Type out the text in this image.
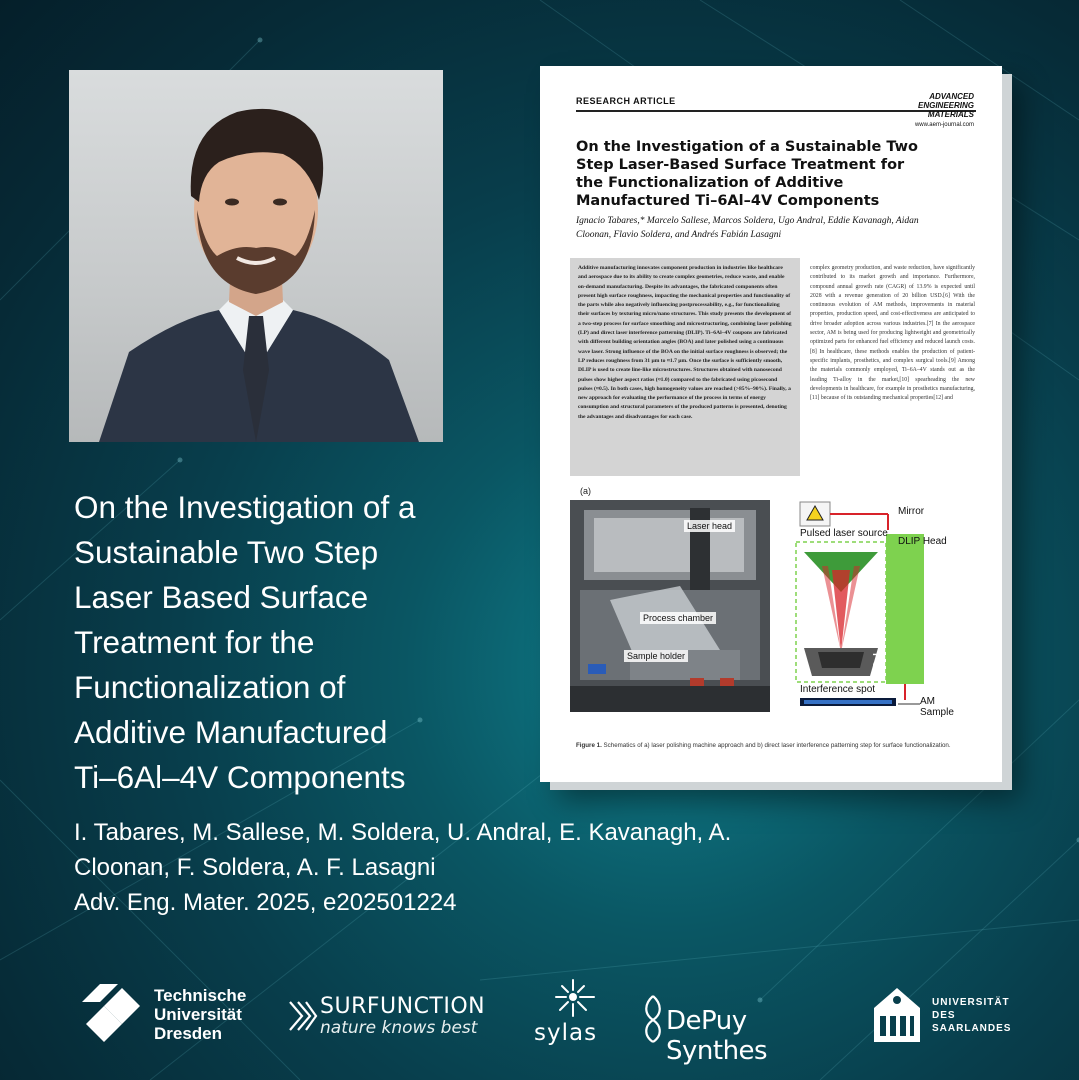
On the Investigation of a
Sustainable Two Step
Laser Based Surface
Treatment for the
Functionalization of
Additive Manufactured
Ti–6Al–4V Components
I. Tabares, M. Sallese, M. Soldera, U. Andral, E. Kavanagh, A.
Cloonan, F. Soldera, A. F. Lasagni
Adv. Eng. Mater. 2025, e202501224
RESEARCH ARTICLE	ADVANCED
ENGINEERING
MATERIALS
www.aem-journal.com
On the Investigation of a Sustainable Two Step Laser-Based Surface Treatment for the Functionalization of Additive Manufactured Ti–6Al–4V Components
Ignacio Tabares,* Marcelo Sallese, Marcos Soldera, Ugo Andral, Eddie Kavanagh, Aidan Cloonan, Flavio Soldera, and Andrés Fabián Lasagni
Additive manufacturing innovates component production in industries like healthcare and aerospace due to its ability to create complex geometries, reduce waste, and enable on-demand manufacturing. Despite its advantages, the fabricated components often present high surface roughness, impacting the mechanical properties and functionality of the parts while also negatively influencing postprocessability, e.g., for functionalizing their surfaces by texturing micro/nano structures. This study presents the development of a two-step process for surface smoothing and microstructuring, combining laser polishing (LP) and direct laser interference patterning (DLIP). Ti–6Al–4V coupons are fabricated with different building orientation angles (BOA) and later polished using a continuous wave laser. Strong influence of the BOA on the initial surface roughness is observed; the LP reduces roughness from 31 µm to ≈1.7 µm. Once the surface is sufficiently smooth, DLIP is used to create line-like microstructures. Structures obtained with nanosecond pulses show higher aspect ratios (≈1.0) compared to the fabricated using picosecond pulses (≈0.5). In both cases, high homogeneity values are reached (>85%–90%). Finally, a new approach for evaluating the performance of the process in terms of energy consumption and structural parameters of the produced patterns is presented, denoting the advantages and disadvantages for each case.
complex geometry production, and waste reduction, have significantly contributed to its market growth and importance. Furthermore, compound annual growth rate (CAGR) of 13.9% is expected until 2028 with a revenue generation of 20 billion USD.[6] With the continuous evolution of AM methods, improvements in material properties, production speed, and cost-effectiveness are anticipated to drive broader adoption across various industries.[7] In the aerospace sector, AM is being used for producing lightweight and geometrically optimized parts for enhanced fuel efficiency and reduced launch costs.[8] In healthcare, these methods enables the production of patient-specific implants, prosthetics, and complex surgical tools.[9] Among the materials commonly employed, Ti–6A–4V stands out as the leading Ti-alloy in the market,[10] spearheading the new developments in healthcare, for example in prosthetics manufacturing,[11] because of its outstanding mechanical properties[12] and
(a)
Laser head
Process chamber
Sample holder
Mirror
Pulsed laser source
DLIP Head
ELIPSYS
Interference spot
AM Sample
Figure 1. Schematics of a) laser polishing machine approach and b) direct laser interference patterning step for surface functionalization.
Technische
Universität
Dresden
SURFUNCTION
nature knows best sylas	DePuy Synthes
UNIVERSITÄT
DES
SAARLANDES
